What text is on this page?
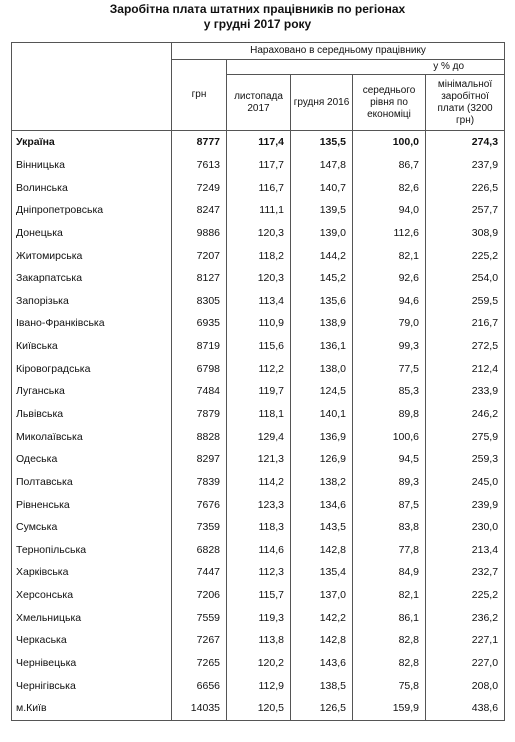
Заробітна плата штатних працівників по регіонах
у грудні 2017 року
	Нараховано в середньому працівнику				
	грн	у % до			
		листопада 2017	грудня 2016	середнього рівня по економіці	мінімальної заробітної плати (3200 грн)
Україна	8777	117,4	135,5	100,0	274,3
Вінницька	7613	117,7	147,8	86,7	237,9
Волинська	7249	116,7	140,7	82,6	226,5
Дніпропетровська	8247	111,1	139,5	94,0	257,7
Донецька	9886	120,3	139,0	112,6	308,9
Житомирська	7207	118,2	144,2	82,1	225,2
Закарпатська	8127	120,3	145,2	92,6	254,0
Запорізька	8305	113,4	135,6	94,6	259,5
Івано-Франківська	6935	110,9	138,9	79,0	216,7
Київська	8719	115,6	136,1	99,3	272,5
Кіровоградська	6798	112,2	138,0	77,5	212,4
Луганська	7484	119,7	124,5	85,3	233,9
Львівська	7879	118,1	140,1	89,8	246,2
Миколаївська	8828	129,4	136,9	100,6	275,9
Одеська	8297	121,3	126,9	94,5	259,3
Полтавська	7839	114,2	138,2	89,3	245,0
Рівненська	7676	123,3	134,6	87,5	239,9
Сумська	7359	118,3	143,5	83,8	230,0
Тернопільська	6828	114,6	142,8	77,8	213,4
Харківська	7447	112,3	135,4	84,9	232,7
Херсонська	7206	115,7	137,0	82,1	225,2
Хмельницька	7559	119,3	142,2	86,1	236,2
Черкаська	7267	113,8	142,8	82,8	227,1
Чернівецька	7265	120,2	143,6	82,8	227,0
Чернігівська	6656	112,9	138,5	75,8	208,0
м.Київ	14035	120,5	126,5	159,9	438,6
